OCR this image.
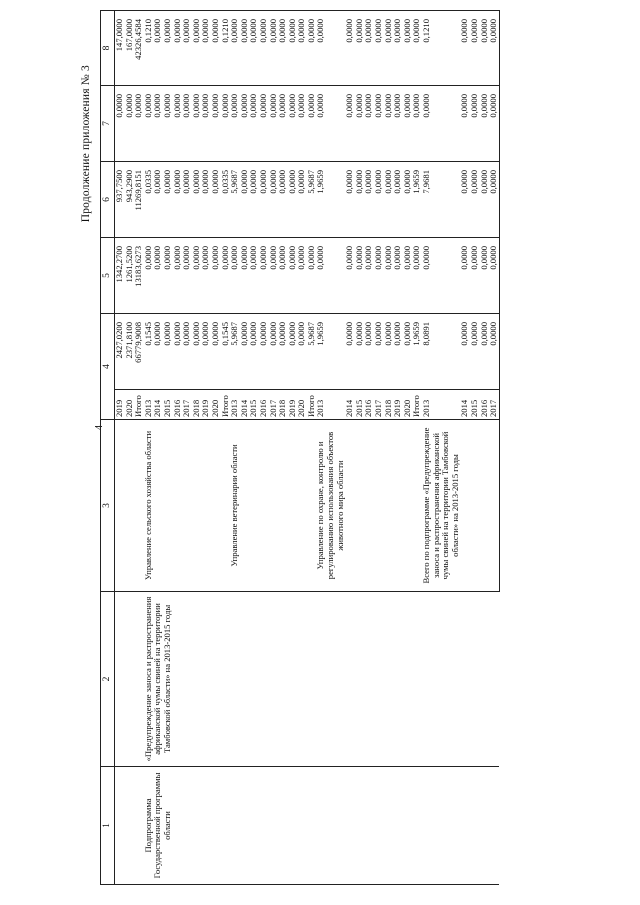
4
Продолжение приложения № 3
1	2	3	4		5	6	7	8
			2019	2427,0200	1342,2700	937,7500	0,0000	147,0000
			2020	2371,8100	1261,5200	943,2900	0,0000	167,0000
			Итого	66779,9008	13183,6273	11269,8151	0,0000	42326,4584
Подпрограмма Государственной программы области	«Предупреждение заноса и распространения африканской чумы свиней на территории Тамбовской области» на 2013-2015 годы	Управление сельского хозяйства области	2013	0,1545	0,0000	0,0335	0,0000	0,1210
			2014	0,0000	0,0000	0,0000	0,0000	0,0000
			2015	0,0000	0,0000	0,0000	0,0000	0,0000
			2016	0,0000	0,0000	0,0000	0,0000	0,0000
			2017	0,0000	0,0000	0,0000	0,0000	0,0000
			2018	0,0000	0,0000	0,0000	0,0000	0,0000
			2019	0,0000	0,0000	0,0000	0,0000	0,0000
			2020	0,0000	0,0000	0,0000	0,0000	0,0000
			Итого	0,1545	0,0000	0,0335	0,0000	0,1210
		Управление ветеринарии области	2013	5,9687	0,0000	5,9687	0,0000	0,0000
			2014	0,0000	0,0000	0,0000	0,0000	0,0000
			2015	0,0000	0,0000	0,0000	0,0000	0,0000
			2016	0,0000	0,0000	0,0000	0,0000	0,0000
			2017	0,0000	0,0000	0,0000	0,0000	0,0000
			2018	0,0000	0,0000	0,0000	0,0000	0,0000
			2019	0,0000	0,0000	0,0000	0,0000	0,0000
			2020	0,0000	0,0000	0,0000	0,0000	0,0000
			Итого	5,9687	0,0000	5,9687	0,0000	0,0000
		Управление по охране, контролю и регулированию использования объектов животного мира области	2013	1,9659	0,0000	1,9659	0,0000	0,0000
			2014	0,0000	0,0000	0,0000	0,0000	0,0000
			2015	0,0000	0,0000	0,0000	0,0000	0,0000
			2016	0,0000	0,0000	0,0000	0,0000	0,0000
			2017	0,0000	0,0000	0,0000	0,0000	0,0000
			2018	0,0000	0,0000	0,0000	0,0000	0,0000
			2019	0,0000	0,0000	0,0000	0,0000	0,0000
			2020	0,0000	0,0000	0,0000	0,0000	0,0000
			Итого	1,9659	0,0000	1,9659	0,0000	0,0000
		Всего по подпрограмме «Предупреждение заноса и распространения африканской чумы свиней на территории Тамбовской области» на 2013-2015 годы	2013	8,0891	0,0000	7,9681	0,0000	0,1210
			2014	0,0000	0,0000	0,0000	0,0000	0,0000
			2015	0,0000	0,0000	0,0000	0,0000	0,0000
			2016	0,0000	0,0000	0,0000	0,0000	0,0000
			2017	0,0000	0,0000	0,0000	0,0000	0,0000
